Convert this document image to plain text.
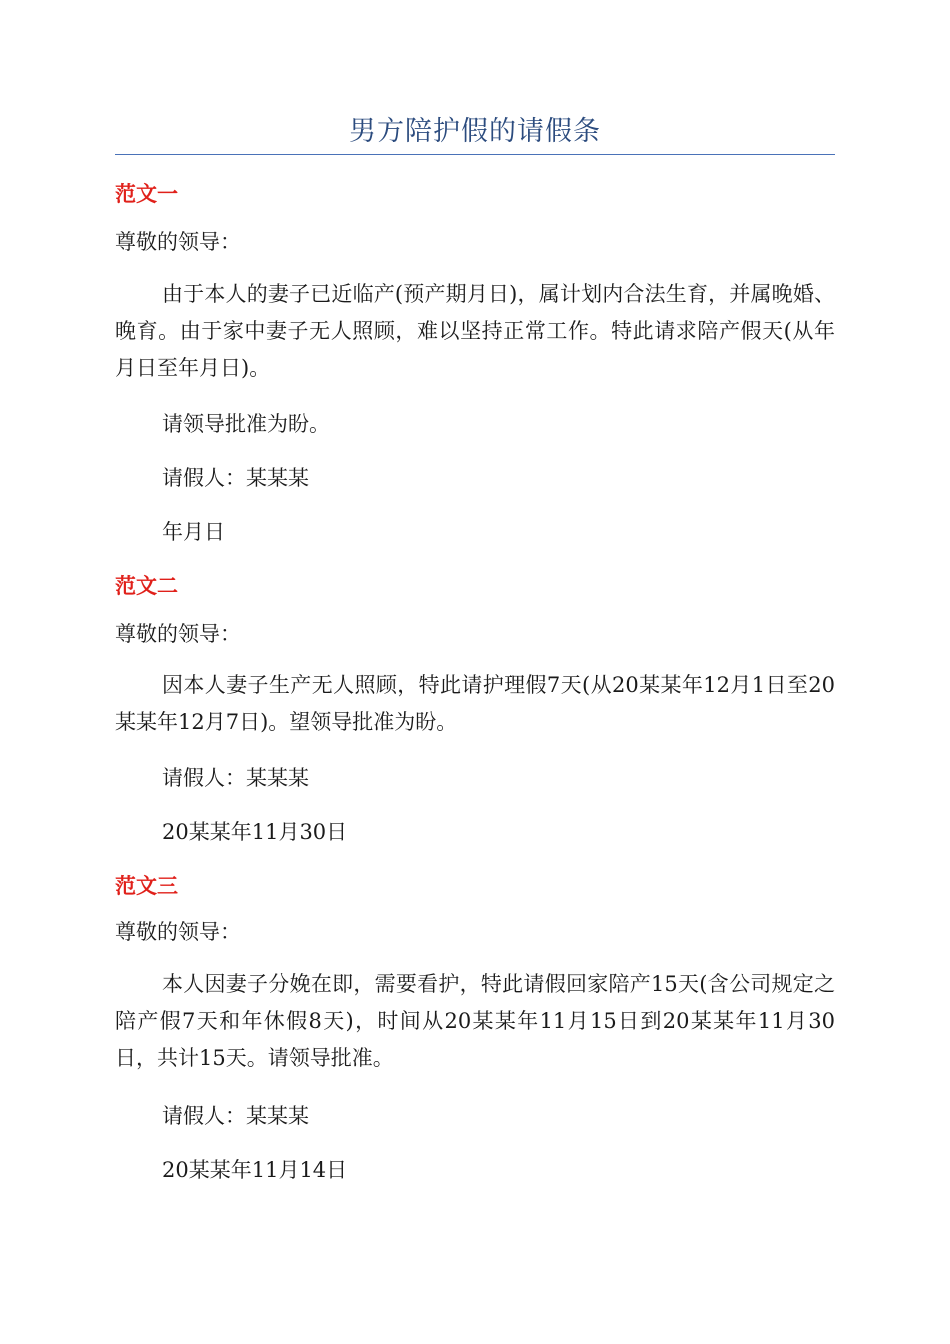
男方陪护假的请假条
范文一
尊敬的领导：
由于本人的妻子已近临产(预产期月日)，属计划内合法生育，并属晚婚、晚育。由于家中妻子无人照顾，难以坚持正常工作。特此请求陪产假天(从年月日至年月日)。
请领导批准为盼。
请假人：某某某
年月日
范文二
尊敬的领导：
因本人妻子生产无人照顾，特此请护理假7天(从20某某年12月1日至20某某年12月7日)。望领导批准为盼。
请假人：某某某
20某某年11月30日
范文三
尊敬的领导：
本人因妻子分娩在即，需要看护，特此请假回家陪产15天(含公司规定之陪产假7天和年休假8天)，时间从20某某年11月15日到20某某年11月30日，共计15天。请领导批准。
请假人：某某某
20某某年11月14日
